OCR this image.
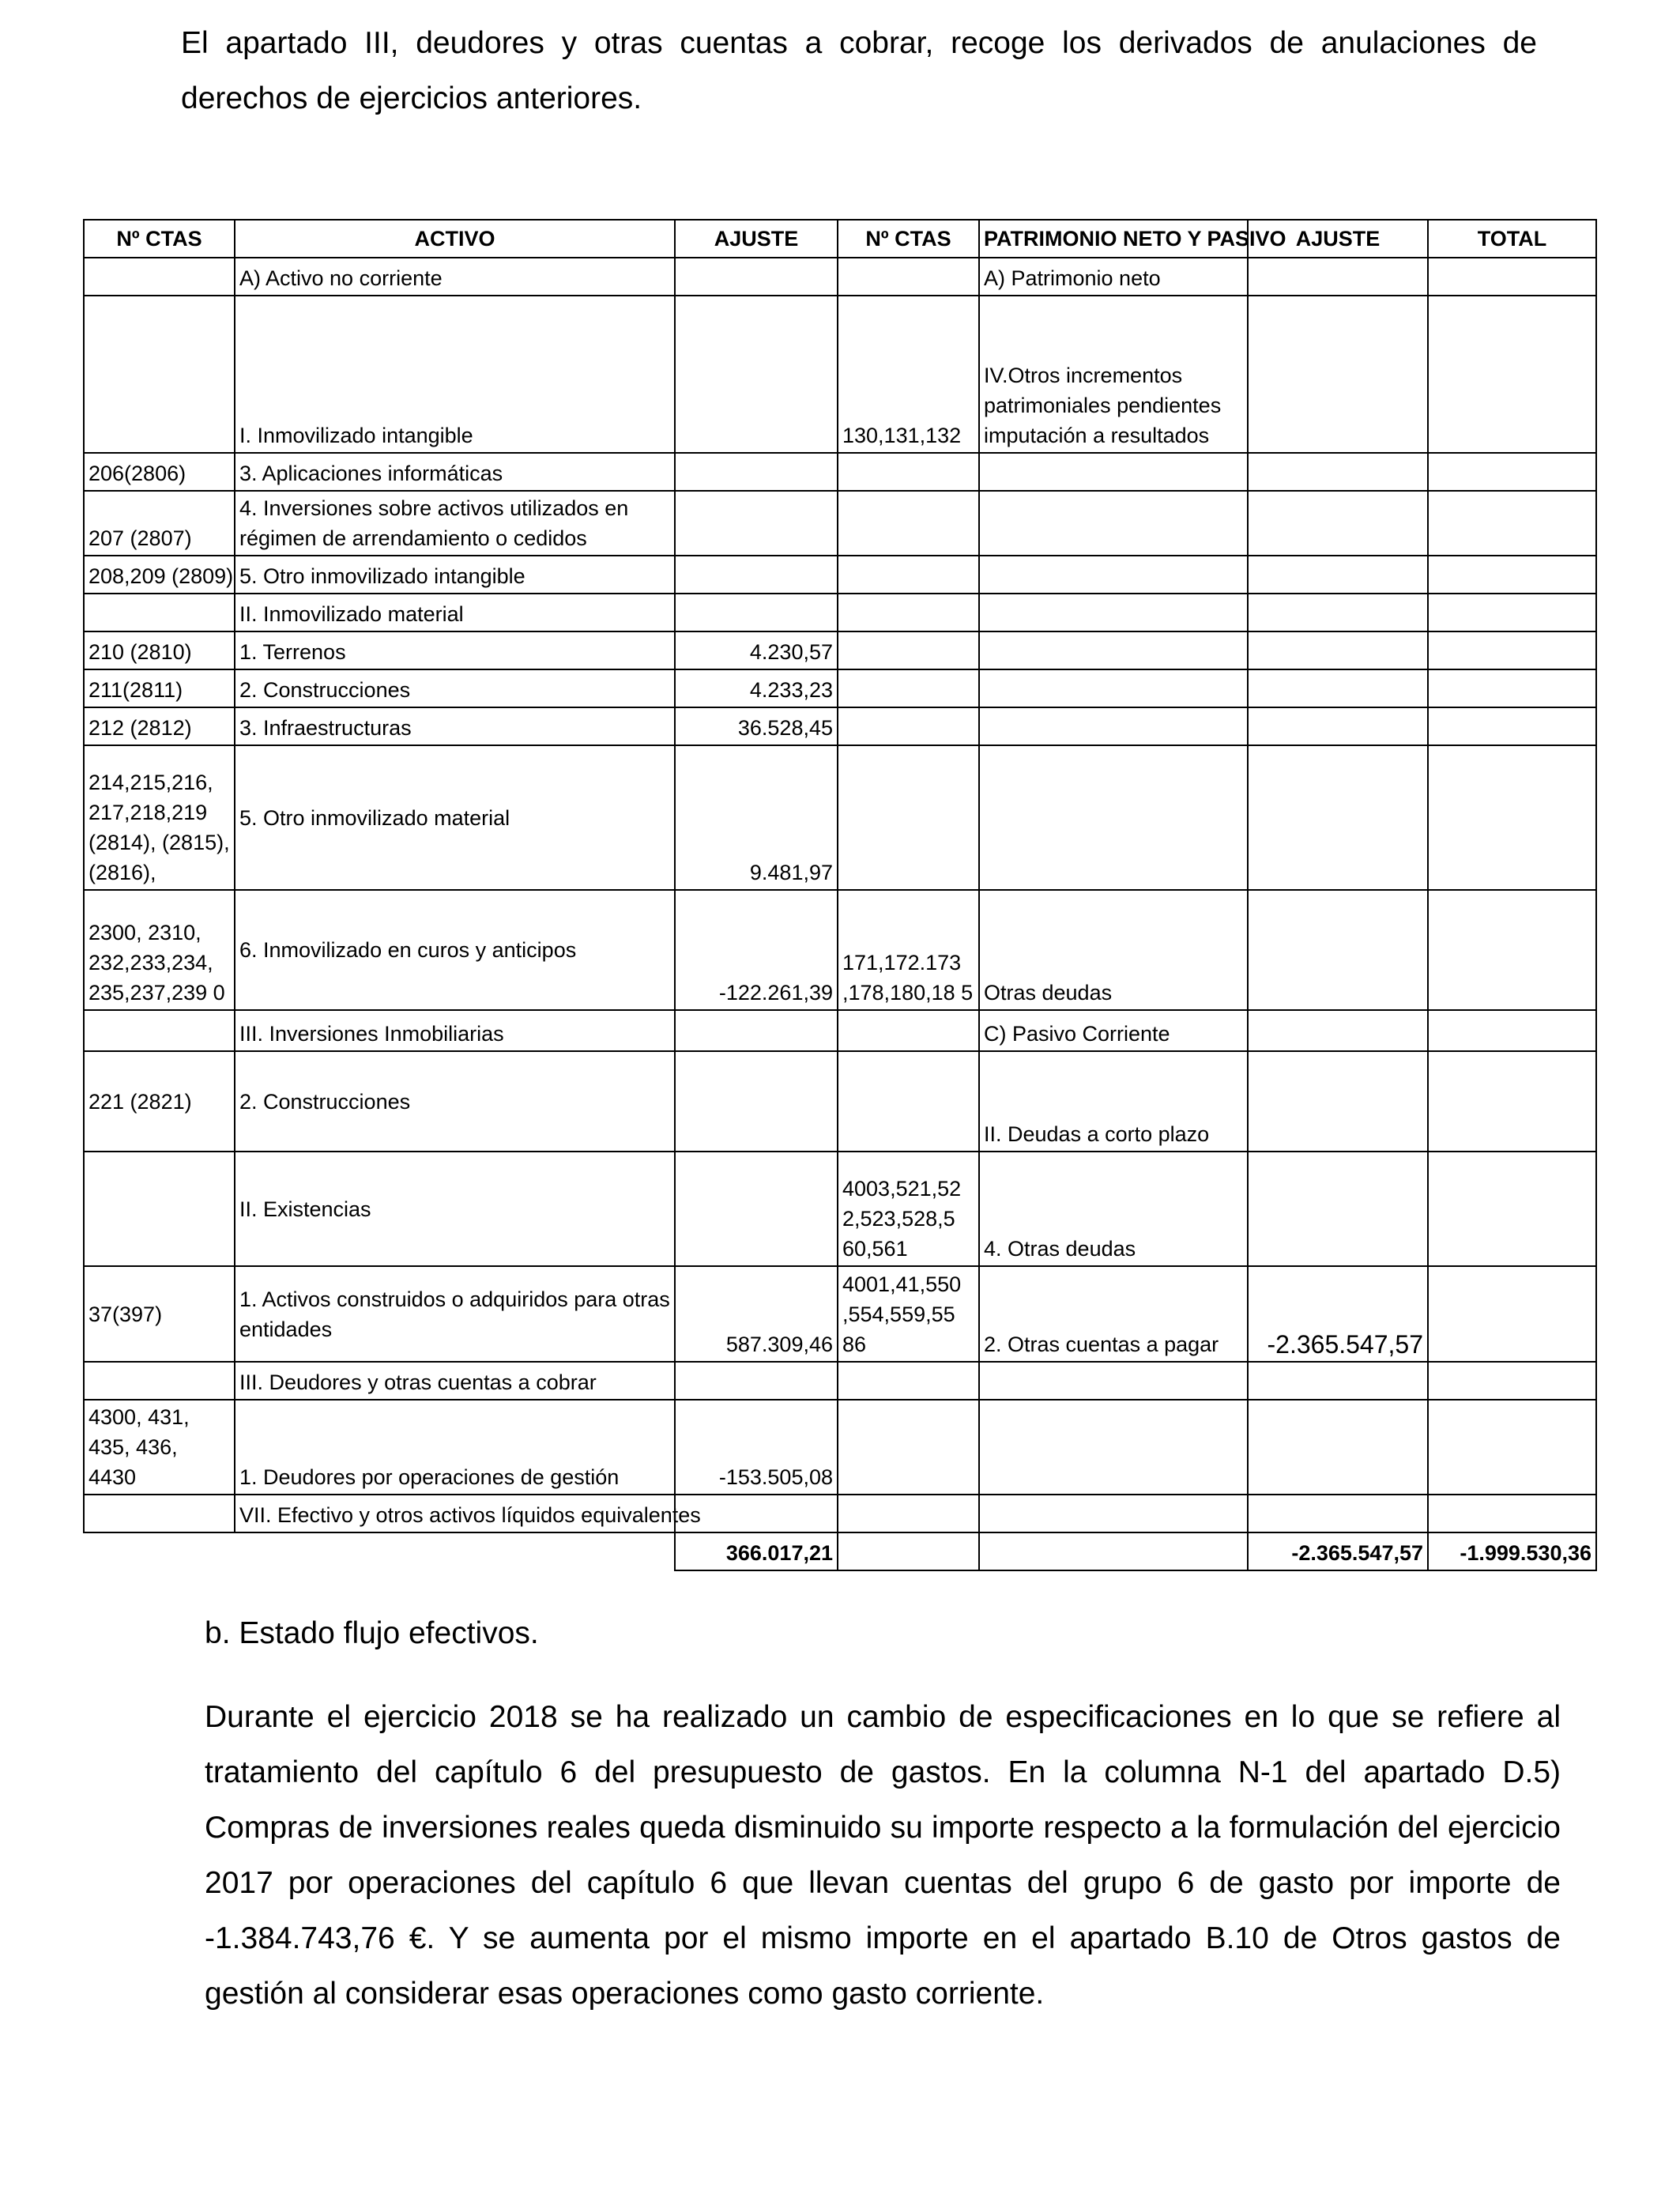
El apartado III, deudores y otras cuentas a cobrar, recoge los derivados de anulaciones de derechos de ejercicios anteriores.

Nº CTAS	ACTIVO	AJUSTE	Nº CTAS	PATRIMONIO NETO Y PASIVO	AJUSTE	TOTAL
	A) Activo no corriente			A) Patrimonio neto		
	I. Inmovilizado intangible		130,131,132	IV.Otros incrementos patrimoniales pendientes imputación a resultados		
206(2806)	3. Aplicaciones informáticas					
207 (2807)	4. Inversiones sobre activos utilizados en régimen de arrendamiento o cedidos					
208,209 (2809)	5. Otro inmovilizado intangible					
	II. Inmovilizado material					
210 (2810)	1. Terrenos	4.230,57				
211(2811)	2. Construcciones	4.233,23				
212 (2812)	3. Infraestructuras	36.528,45				
214,215,216, 217,218,219 (2814), (2815), (2816),	5. Otro inmovilizado material	9.481,97				
2300, 2310, 232,233,234, 235,237,239 0	6. Inmovilizado en curos y anticipos	-122.261,39	171,172.173 ,178,180,18 5	Otras deudas		
	III. Inversiones Inmobiliarias			C) Pasivo Corriente		
221 (2821)	2. Construcciones			II. Deudas a corto plazo		
	II. Existencias		4003,521,52 2,523,528,5 60,561	4. Otras deudas		
37(397)	1. Activos construidos o adquiridos para otras entidades	587.309,46	4001,41,550 ,554,559,55 86	2. Otras cuentas a pagar	-2.365.547,57	
	III. Deudores y otras cuentas a cobrar					
4300, 431, 435, 436, 4430	1. Deudores por operaciones de gestión	-153.505,08				
	VII. Efectivo y otros activos líquidos equivalentes					
		366.017,21			-2.365.547,57	-1.999.530,36

b. Estado flujo efectivos.

Durante el ejercicio 2018 se ha realizado un cambio de especificaciones en lo que se refiere al tratamiento del capítulo 6 del presupuesto de gastos. En la columna N-1 del apartado D.5) Compras de inversiones reales queda disminuido su importe respecto a la formulación del ejercicio 2017 por operaciones del capítulo 6 que llevan cuentas del grupo 6 de gasto por importe de -1.384.743,76 €. Y se aumenta por el mismo importe en el apartado B.10 de Otros gastos de gestión al considerar esas operaciones como gasto corriente.
